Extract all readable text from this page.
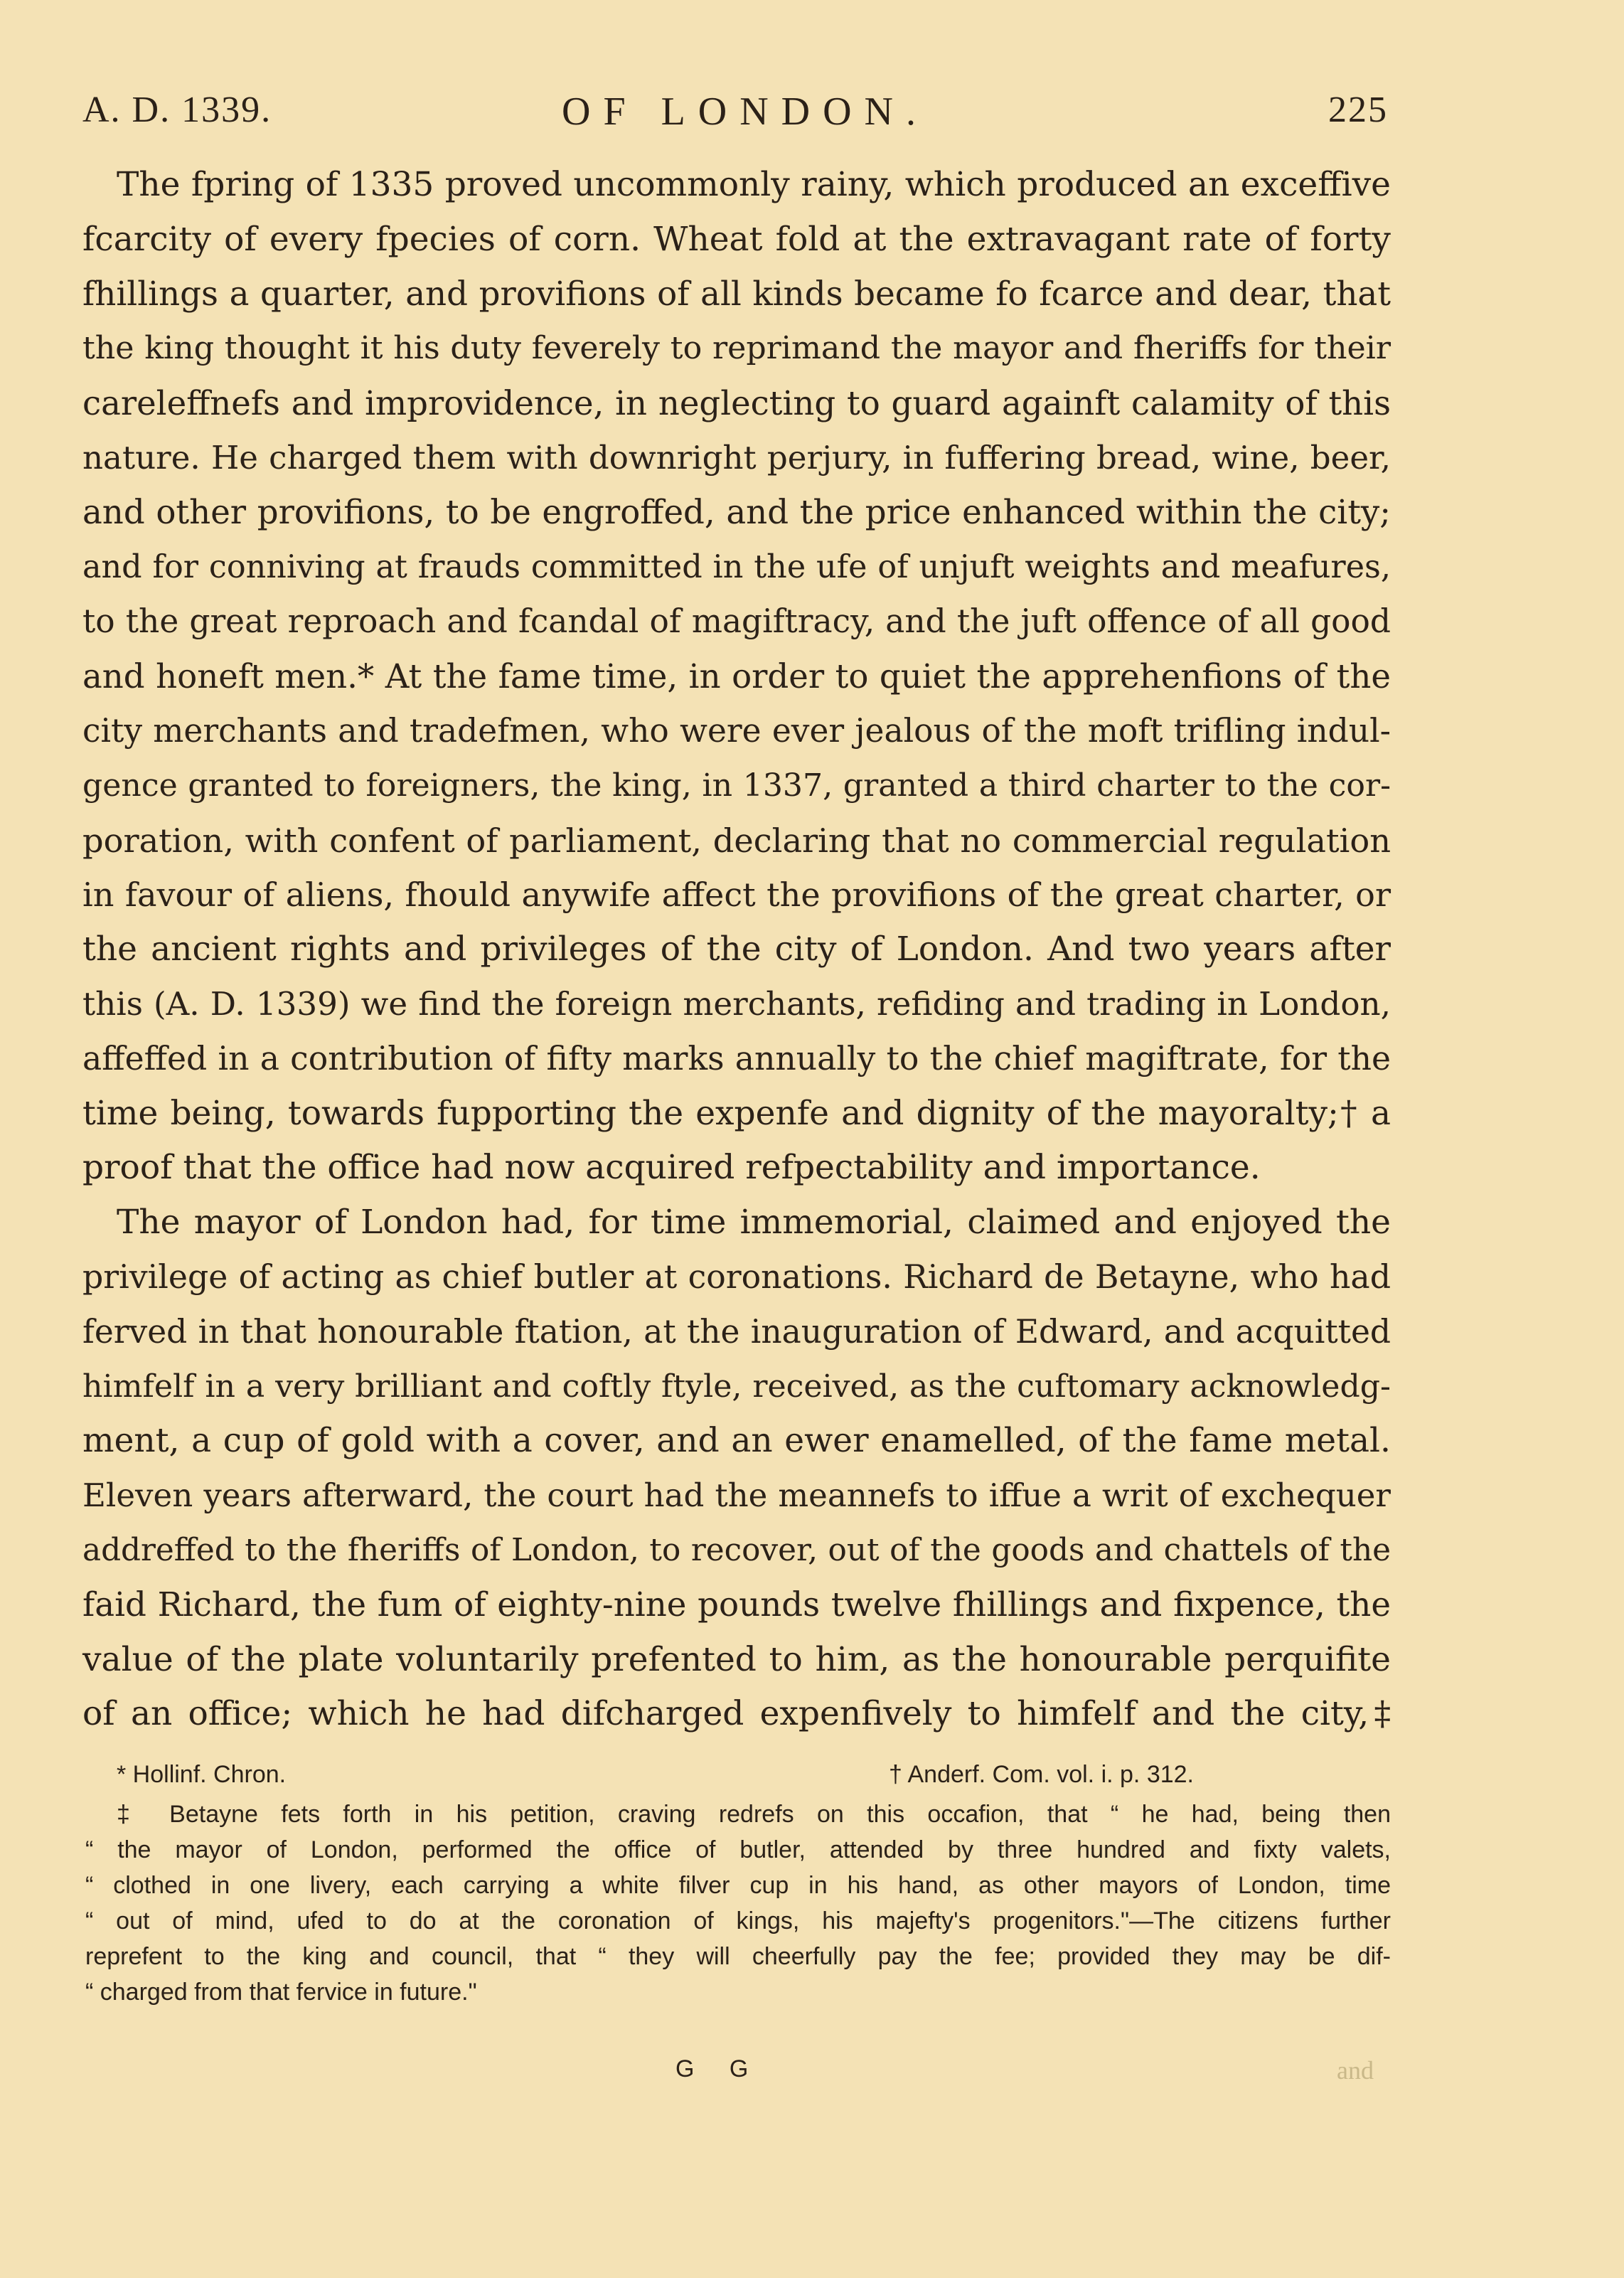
A. D. 1339.	OF LONDON.	225
The fpring of 1335 proved uncommonly rainy, which produced an exceffive
fcarcity of every fpecies of corn. Wheat fold at the extravagant rate of forty
fhillings a quarter, and provifions of all kinds became fo fcarce and dear, that
the king thought it his duty feverely to reprimand the mayor and fheriffs for their
careleffnefs and improvidence, in neglecting to guard againft calamity of this
nature. He charged them with downright perjury, in fuffering bread, wine, beer,
and other provifions, to be engroffed, and the price enhanced within the city;
and for conniving at frauds committed in the ufe of unjuft weights and meafures,
to the great reproach and fcandal of magiftracy, and the juft offence of all good
and honeft men.* At the fame time, in order to quiet the apprehenfions of the
city merchants and tradefmen, who were ever jealous of the moft trifling indul-
gence granted to foreigners, the king, in 1337, granted a third charter to the cor-
poration, with confent of parliament, declaring that no commercial regulation
in favour of aliens, fhould anywife affect the provifions of the great charter, or
the ancient rights and privileges of the city of London. And two years after
this (A. D. 1339) we find the foreign merchants, refiding and trading in London,
affeffed in a contribution of fifty marks annually to the chief magiftrate, for the
time being, towards fupporting the expenfe and dignity of the mayoralty;† a
proof that the office had now acquired refpectability and importance.
The mayor of London had, for time immemorial, claimed and enjoyed the
privilege of acting as chief butler at coronations. Richard de Betayne, who had
ferved in that honourable ftation, at the inauguration of Edward, and acquitted
himfelf in a very brilliant and coftly ftyle, received, as the cuftomary acknowledg-
ment, a cup of gold with a cover, and an ewer enamelled, of the fame metal.
Eleven years afterward, the court had the meannefs to iffue a writ of exchequer
addreffed to the fheriffs of London, to recover, out of the goods and chattels of the
faid Richard, the fum of eighty-nine pounds twelve fhillings and fixpence, the
value of the plate voluntarily prefented to him, as the honourable perquifite
of an office; which he had difcharged expenfively to himfelf and the city,‡
* Hollinf. Chron.	† Anderf. Com. vol. i. p. 312.
‡ Betayne fets forth in his petition, craving redrefs on this occafion, that “ he had, being then
“ the mayor of London, performed the office of butler, attended by three hundred and fixty valets,
“ clothed in one livery, each carrying a white filver cup in his hand, as other mayors of London, time
“ out of mind, ufed to do at the coronation of kings, his majefty's progenitors."—The citizens further
reprefent to the king and council, that “ they will cheerfully pay the fee; provided they may be dif-
“ charged from that fervice in future."
G G	and
